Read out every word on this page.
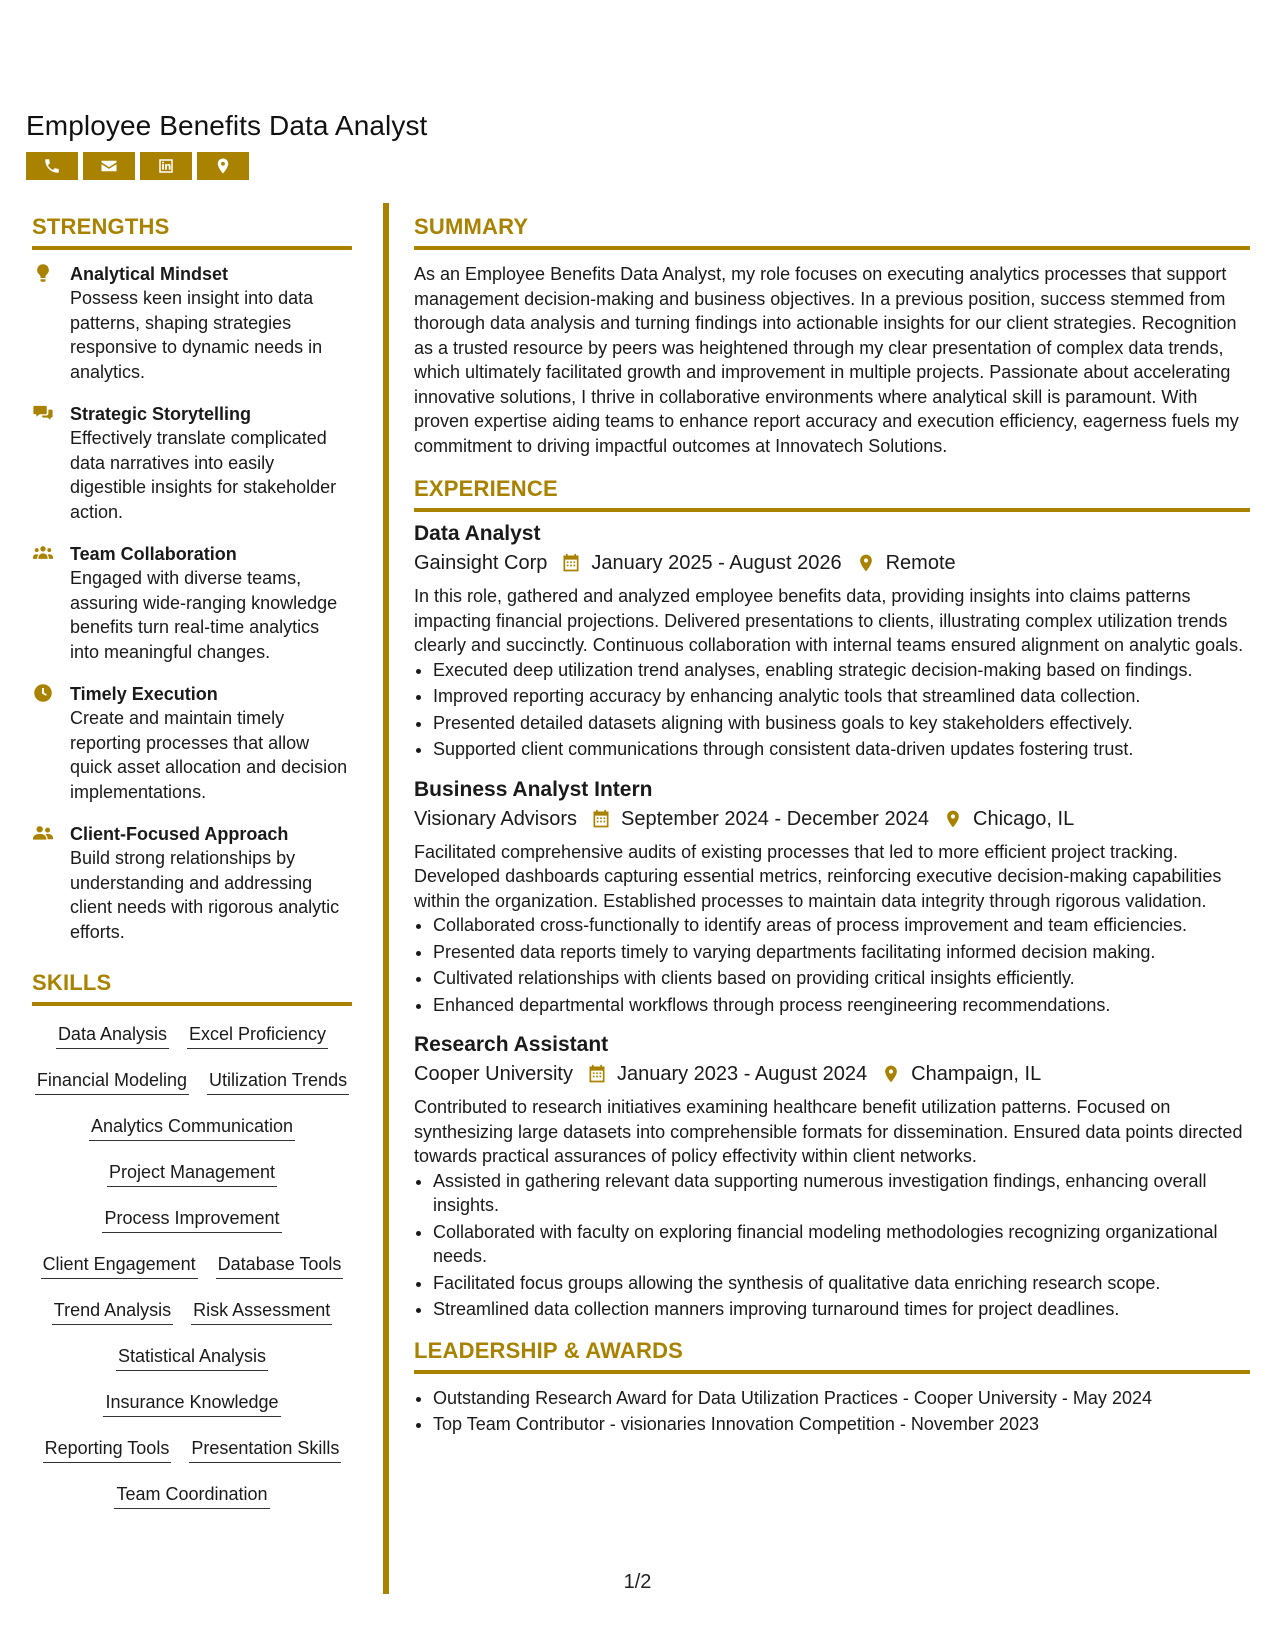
Employee Benefits Data Analyst
STRENGTHS
Analytical Mindset
Possess keen insight into data patterns, shaping strategies responsive to dynamic needs in analytics.
Strategic Storytelling
Effectively translate complicated data narratives into easily digestible insights for stakeholder action.
Team Collaboration
Engaged with diverse teams, assuring wide-ranging knowledge benefits turn real-time analytics into meaningful changes.
Timely Execution
Create and maintain timely reporting processes that allow quick asset allocation and decision implementations.
Client-Focused Approach
Build strong relationships by understanding and addressing client needs with rigorous analytic efforts.
SKILLS
Data Analysis Excel Proficiency
Financial Modeling Utilization Trends
Analytics Communication
Project Management
Process Improvement
Client Engagement Database Tools
Trend Analysis Risk Assessment
Statistical Analysis
Insurance Knowledge
Reporting Tools Presentation Skills
Team Coordination
SUMMARY

As an Employee Benefits Data Analyst, my role focuses on executing analytics processes that support management decision-making and business objectives. In a previous position, success stemmed from thorough data analysis and turning findings into actionable insights for our client strategies. Recognition as a trusted resource by peers was heightened through my clear presentation of complex data trends, which ultimately facilitated growth and improvement in multiple projects. Passionate about accelerating innovative solutions, I thrive in collaborative environments where analytical skill is paramount. With proven expertise aiding teams to enhance report accuracy and execution efficiency, eagerness fuels my commitment to driving impactful outcomes at Innovatech Solutions.

EXPERIENCE
Data Analyst
Gainsight Corp January 2025 - August 2026 Remote

In this role, gathered and analyzed employee benefits data, providing insights into claims patterns impacting financial projections. Delivered presentations to clients, illustrating complex utilization trends clearly and succinctly. Continuous collaboration with internal teams ensured alignment on analytic goals.

• Executed deep utilization trend analyses, enabling strategic decision-making based on findings.
• Improved reporting accuracy by enhancing analytic tools that streamlined data collection.
• Presented detailed datasets aligning with business goals to key stakeholders effectively.
• Supported client communications through consistent data-driven updates fostering trust.
Business Analyst Intern
Visionary Advisors September 2024 - December 2024 Chicago, IL

Facilitated comprehensive audits of existing processes that led to more efficient project tracking. Developed dashboards capturing essential metrics, reinforcing executive decision-making capabilities within the organization. Established processes to maintain data integrity through rigorous validation.

• Collaborated cross-functionally to identify areas of process improvement and team efficiencies.
• Presented data reports timely to varying departments facilitating informed decision making.
• Cultivated relationships with clients based on providing critical insights efficiently.
• Enhanced departmental workflows through process reengineering recommendations.
Research Assistant
Cooper University January 2023 - August 2024 Champaign, IL

Contributed to research initiatives examining healthcare benefit utilization patterns. Focused on synthesizing large datasets into comprehensible formats for dissemination. Ensured data points directed towards practical assurances of policy effectivity within client networks.

• Assisted in gathering relevant data supporting numerous investigation findings, enhancing overall insights.
• Collaborated with faculty on exploring financial modeling methodologies recognizing organizational needs.
• Facilitated focus groups allowing the synthesis of qualitative data enriching research scope.
• Streamlined data collection manners improving turnaround times for project deadlines.
LEADERSHIP & AWARDS
• Outstanding Research Award for Data Utilization Practices - Cooper University - May 2024
• Top Team Contributor - visionaries Innovation Competition - November 2023
1/2
